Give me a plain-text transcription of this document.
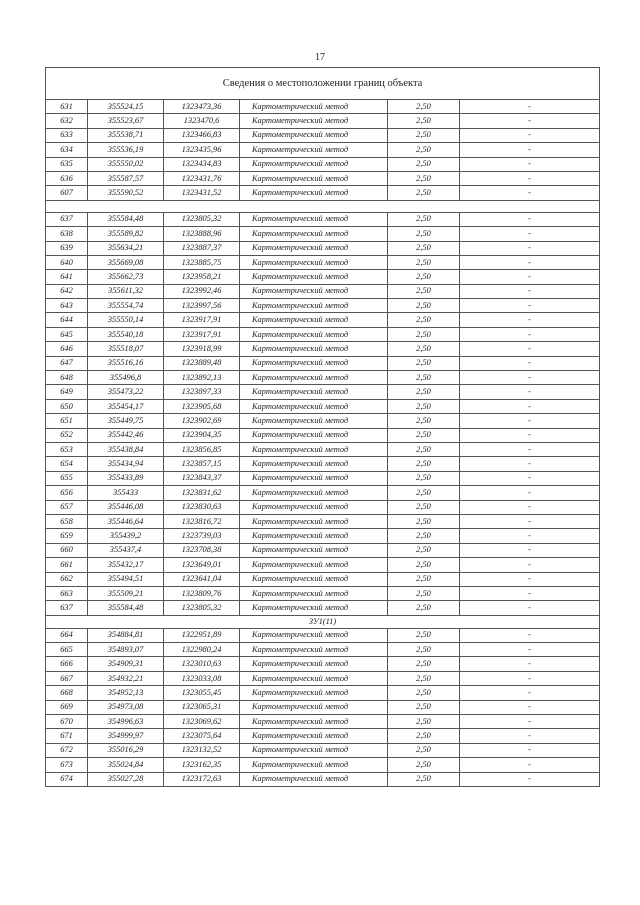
17
Сведения о местоположении границ объекта					
631	355524,15	1323473,36	Картометрический метод	2,50	-
632	355523,67	1323470,6	Картометрический метод	2,50	-
633	355538,71	1323466,83	Картометрический метод	2,50	-
634	355536,19	1323435,96	Картометрический метод	2,50	-
635	355550,02	1323434,83	Картометрический метод	2,50	-
636	355587,57	1323431,76	Картометрический метод	2,50	-
607	355590,52	1323431,52	Картометрический метод	2,50	-

637	355584,48	1323805,32	Картометрический метод	2,50	-
638	355589,82	1323888,96	Картометрический метод	2,50	-
639	355634,21	1323887,37	Картометрический метод	2,50	-
640	355669,08	1323885,75	Картометрический метод	2,50	-
641	355662,73	1323958,21	Картометрический метод	2,50	-
642	355611,32	1323992,46	Картометрический метод	2,50	-
643	355554,74	1323997,56	Картометрический метод	2,50	-
644	355550,14	1323917,91	Картометрический метод	2,50	-
645	355540,18	1323917,91	Картометрический метод	2,50	-
646	355518,07	1323918,99	Картометрический метод	2,50	-
647	355516,16	1323889,48	Картометрический метод	2,50	-
648	355496,8	1323892,13	Картометрический метод	2,50	-
649	355473,22	1323897,33	Картометрический метод	2,50	-
650	355454,17	1323905,68	Картометрический метод	2,50	-
651	355449,75	1323902,69	Картометрический метод	2,50	-
652	355442,46	1323904,35	Картометрический метод	2,50	-
653	355438,84	1323856,85	Картометрический метод	2,50	-
654	355434,94	1323857,15	Картометрический метод	2,50	-
655	355433,89	1323843,37	Картометрический метод	2,50	-
656	355433	1323831,62	Картометрический метод	2,50	-
657	355446,08	1323830,63	Картометрический метод	2,50	-
658	355446,64	1323816,72	Картометрический метод	2,50	-
659	355439,2	1323739,03	Картометрический метод	2,50	-
660	355437,4	1323708,38	Картометрический метод	2,50	-
661	355432,17	1323649,01	Картометрический метод	2,50	-
662	355494,51	1323641,04	Картометрический метод	2,50	-
663	355509,21	1323809,76	Картометрический метод	2,50	-
637	355584,48	1323805,32	Картометрический метод	2,50	-
ЗУ1(11)					
664	354884,81	1322951,89	Картометрический метод	2,50	-
665	354893,07	1322980,24	Картометрический метод	2,50	-
666	354909,31	1323010,63	Картометрический метод	2,50	-
667	354932,21	1323033,08	Картометрический метод	2,50	-
668	354952,13	1323055,45	Картометрический метод	2,50	-
669	354973,08	1323065,31	Картометрический метод	2,50	-
670	354996,63	1323069,62	Картометрический метод	2,50	-
671	354999,97	1323075,64	Картометрический метод	2,50	-
672	355016,29	1323132,52	Картометрический метод	2,50	-
673	355024,84	1323162,35	Картометрический метод	2,50	-
674	355027,28	1323172,63	Картометрический метод	2,50	-
